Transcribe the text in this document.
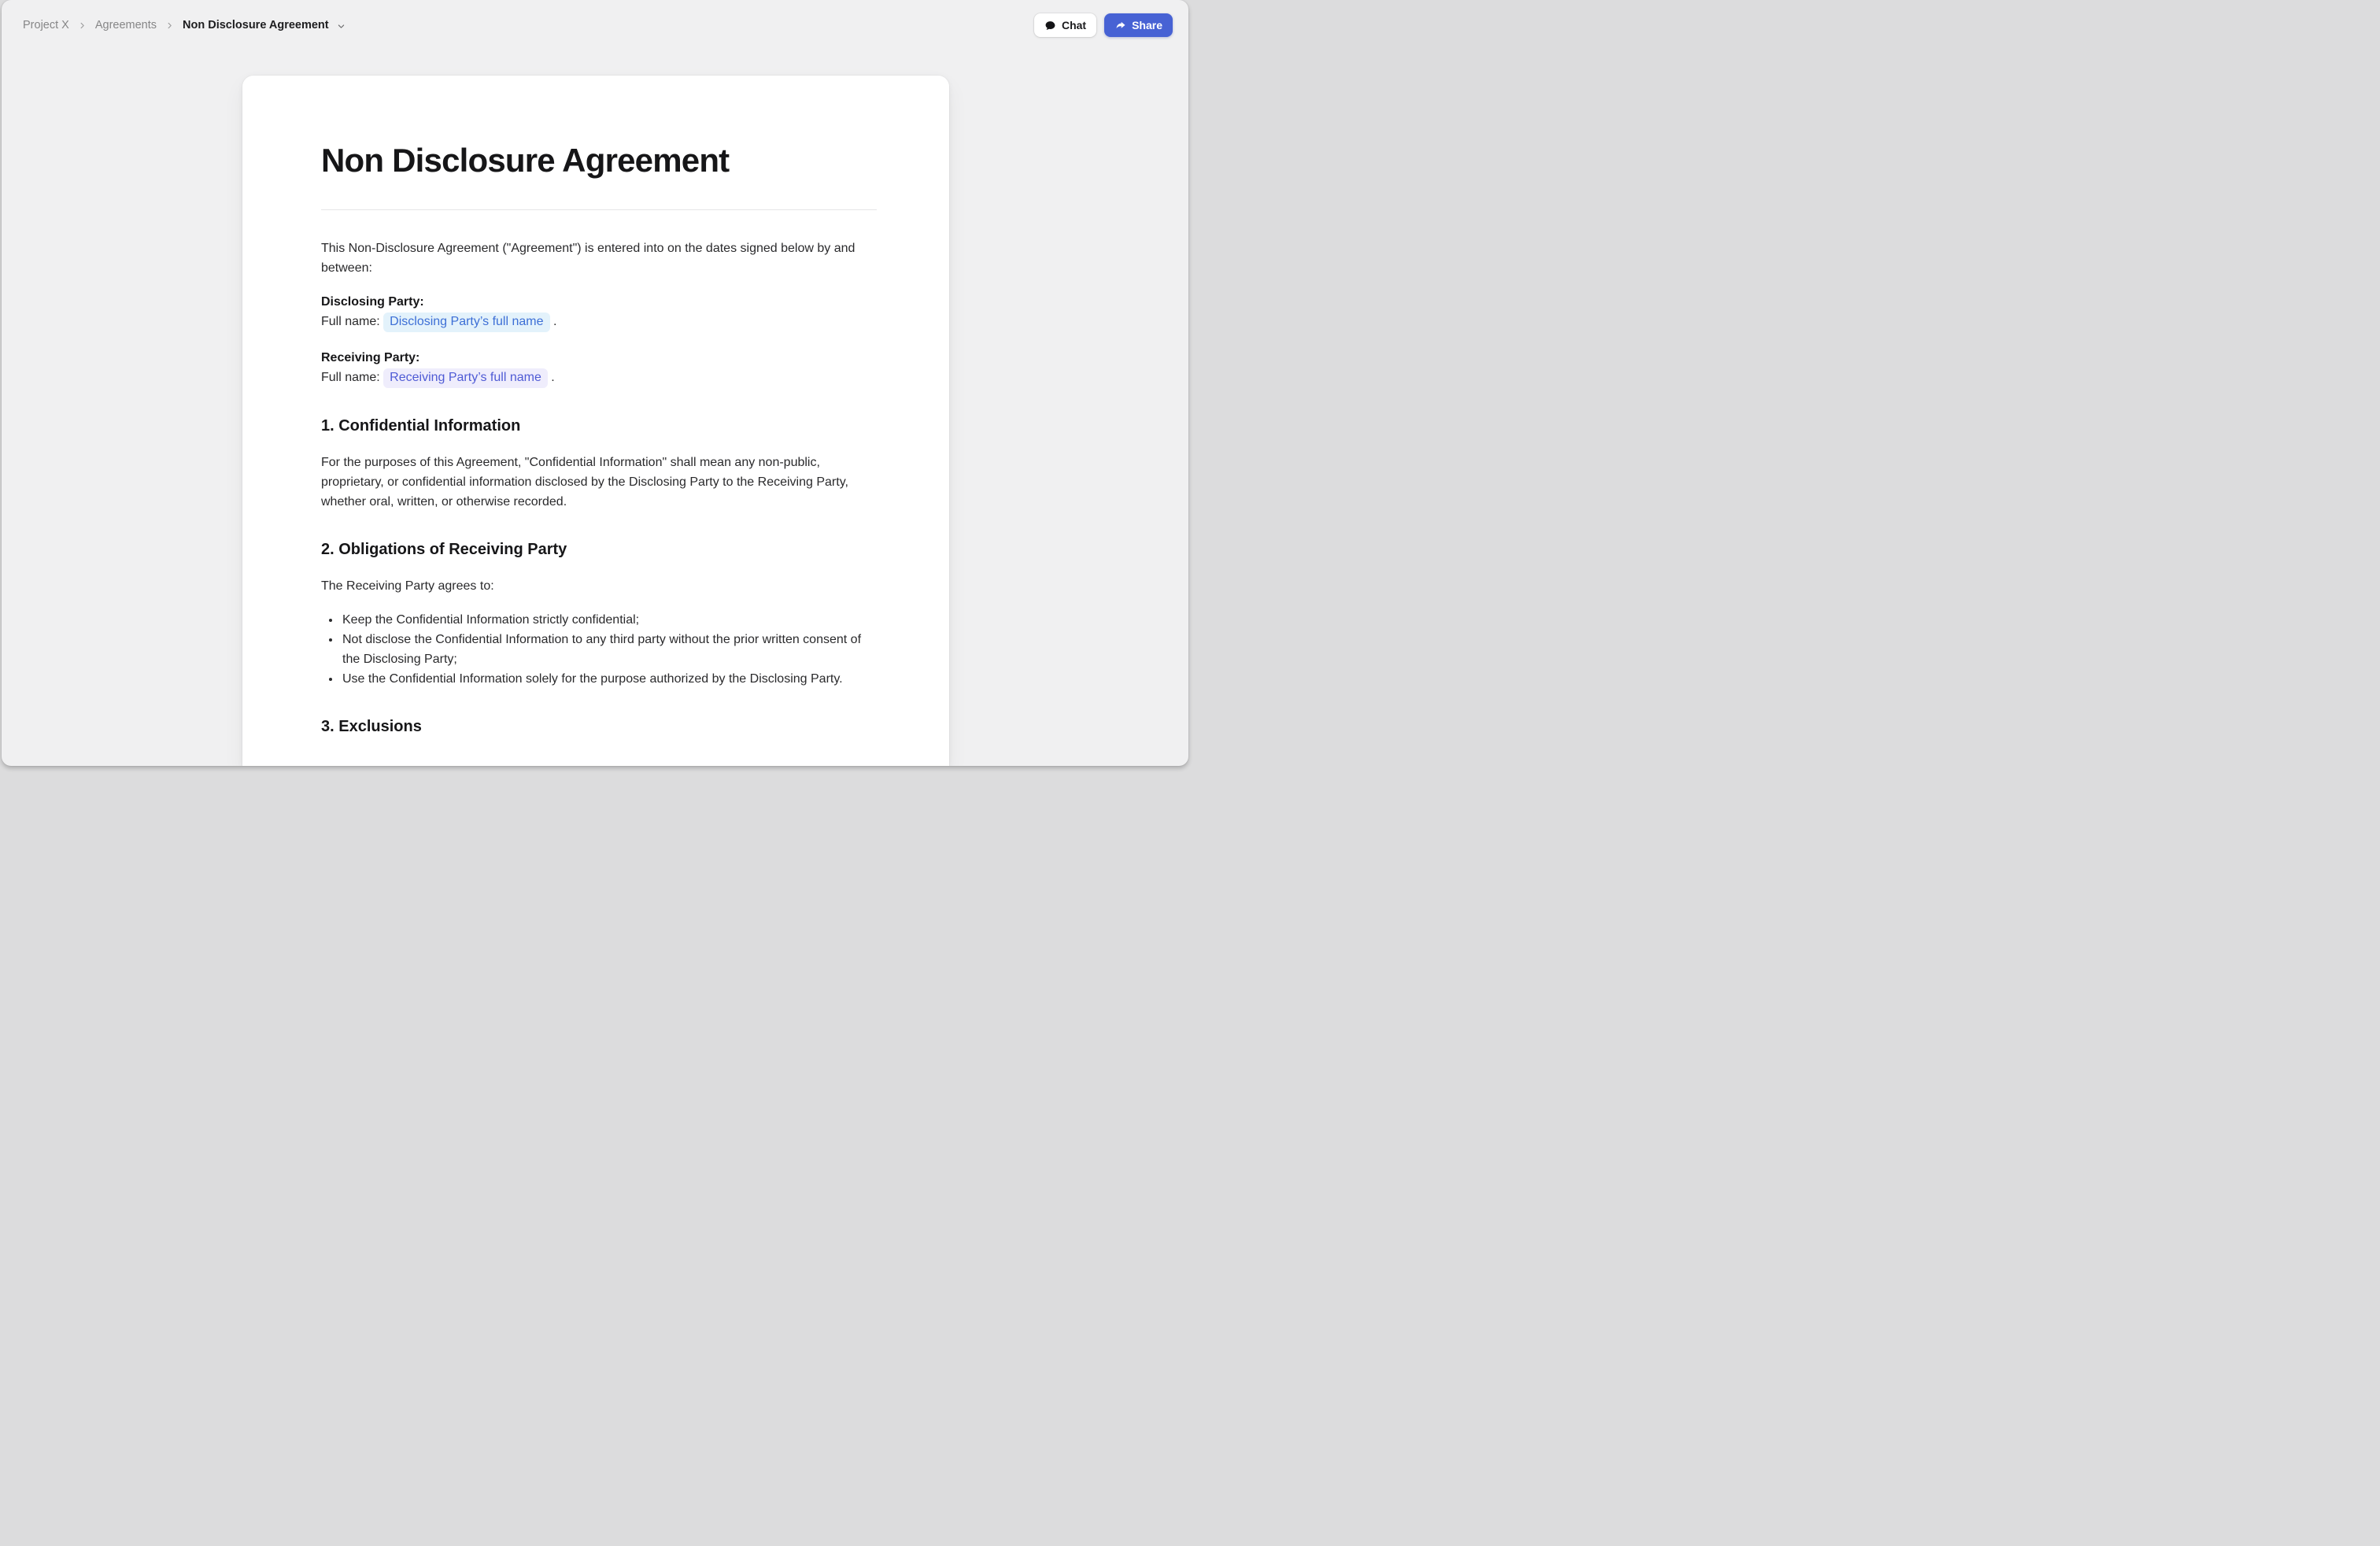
Project X Agreements Non Disclosure Agreement	Chat	Share
Non Disclosure Agreement

This Non-Disclosure Agreement ("Agreement") is entered into on the dates signed below by and between:

Disclosing Party:

Full name: Disclosing Party’s full name .

Receiving Party:

Full name: Receiving Party’s full name .

1. Confidential Information

For the purposes of this Agreement, "Confidential Information" shall mean any non-public, proprietary, or confidential information disclosed by the Disclosing Party to the Receiving Party, whether oral, written, or otherwise recorded.

2. Obligations of Receiving Party

The Receiving Party agrees to:

• Keep the Confidential Information strictly confidential;
• Not disclose the Confidential Information to any third party without the prior written consent of the Disclosing Party;
• Use the Confidential Information solely for the purpose authorized by the Disclosing Party.
3. Exclusions
